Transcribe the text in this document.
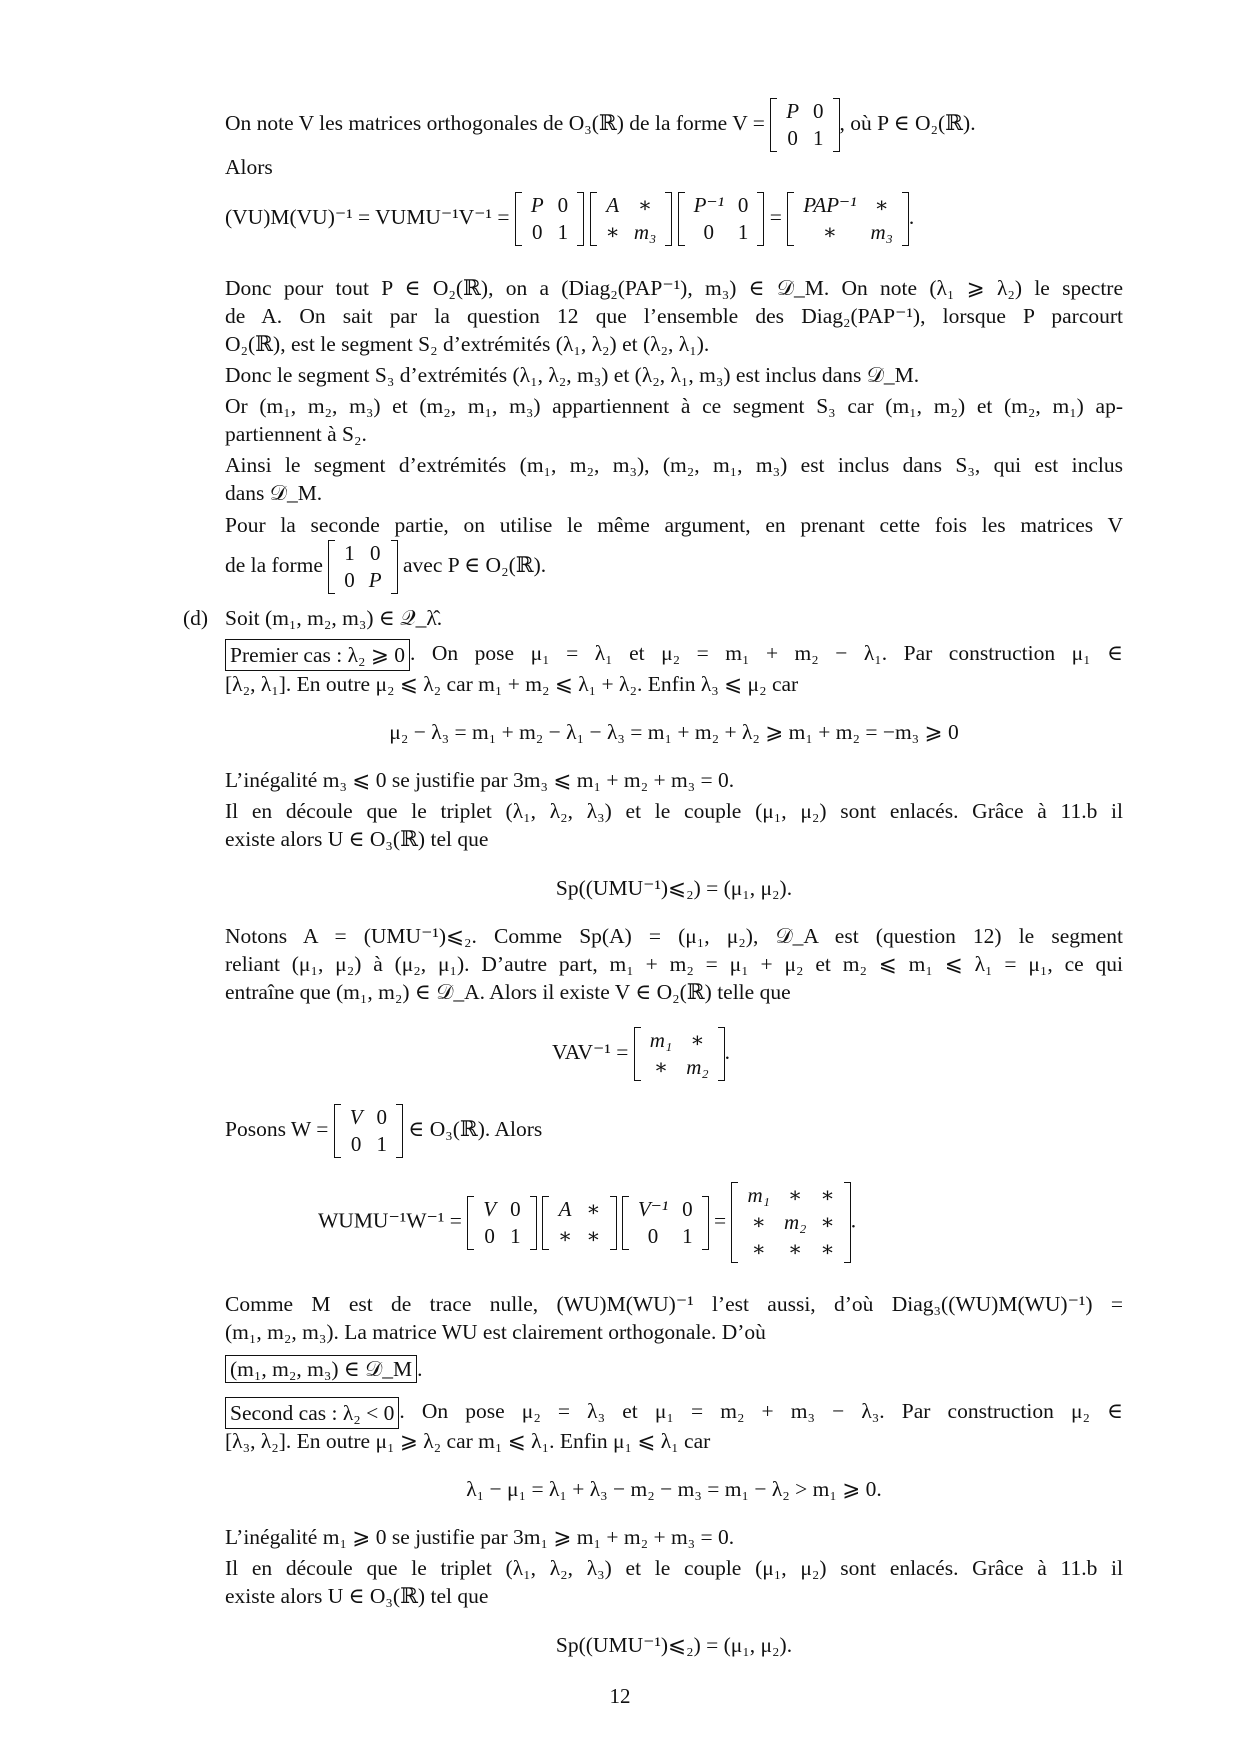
On note V les matrices orthogonales de O₃(ℝ) de la forme V = P	0
0	1
, où P ∈ O₂(ℝ).
Alors
(VU)M(VU)⁻¹ = VUMU⁻¹V⁻¹ = P	0
0	1

A	∗
∗	m₃

P⁻¹	0
0	1
= PAP⁻¹	∗
∗	m₃
.
Donc pour tout P ∈ O₂(ℝ), on a (Diag₂(PAP⁻¹), m₃) ∈ 𝒟_M. On note (λ₁ ⩾ λ₂) le spectre
de A. On sait par la question 12 que l’ensemble des Diag₂(PAP⁻¹), lorsque P parcourt
O₂(ℝ), est le segment S₂ d’extrémités (λ₁, λ₂) et (λ₂, λ₁).
Donc le segment S₃ d’extrémités (λ₁, λ₂, m₃) et (λ₂, λ₁, m₃) est inclus dans 𝒟_M.
Or (m₁, m₂, m₃) et (m₂, m₁, m₃) appartiennent à ce segment S₃ car (m₁, m₂) et (m₂, m₁) ap-
partiennent à S₂.
Ainsi le segment d’extrémités (m₁, m₂, m₃), (m₂, m₁, m₃) est inclus dans S₃, qui est inclus
dans 𝒟_M.
Pour la seconde partie, on utilise le même argument, en prenant cette fois les matrices V
de la forme 1	0
0	P
avec P ∈ O₂(ℝ).
(d) Soit (m₁, m₂, m₃) ∈ 𝒬_λ̂.
Premier cas : λ₂ ⩾ 0 . On pose μ₁ = λ₁ et μ₂ = m₁ + m₂ − λ₁. Par construction μ₁ ∈
[λ₂, λ₁]. En outre μ₂ ⩽ λ₂ car m₁ + m₂ ⩽ λ₁ + λ₂. Enfin λ₃ ⩽ μ₂ car
μ₂ − λ₃ = m₁ + m₂ − λ₁ − λ₃ = m₁ + m₂ + λ₂ ⩾ m₁ + m₂ = −m₃ ⩾ 0
L’inégalité m₃ ⩽ 0 se justifie par 3m₃ ⩽ m₁ + m₂ + m₃ = 0.
Il en découle que le triplet (λ₁, λ₂, λ₃) et le couple (μ₁, μ₂) sont enlacés. Grâce à 11.b il
existe alors U ∈ O₃(ℝ) tel que
Sp((UMU⁻¹)⩽₂) = (μ₁, μ₂).
Notons A = (UMU⁻¹)⩽₂. Comme Sp(A) = (μ₁, μ₂), 𝒟_A est (question 12) le segment
reliant (μ₁, μ₂) à (μ₂, μ₁). D’autre part, m₁ + m₂ = μ₁ + μ₂ et m₂ ⩽ m₁ ⩽ λ₁ = μ₁, ce qui
entraîne que (m₁, m₂) ∈ 𝒟_A. Alors il existe V ∈ O₂(ℝ) telle que
VAV⁻¹ = m₁	∗
∗	m₂
.
Posons W = V	0
0	1
∈ O₃(ℝ). Alors
WUMU⁻¹W⁻¹ = V	0
0	1

A	∗
∗	∗

V⁻¹	0
0	1
=
m₁	∗	∗
∗	m₂	∗
∗	∗	∗
.
Comme M est de trace nulle, (WU)M(WU)⁻¹ l’est aussi, d’où Diag₃((WU)M(WU)⁻¹) =
(m₁, m₂, m₃). La matrice WU est clairement orthogonale. D’où
(m₁, m₂, m₃) ∈ 𝒟_M .
Second cas : λ₂ < 0 . On pose μ₂ = λ₃ et μ₁ = m₂ + m₃ − λ₃. Par construction μ₂ ∈
[λ₃, λ₂]. En outre μ₁ ⩾ λ₂ car m₁ ⩽ λ₁. Enfin μ₁ ⩽ λ₁ car
λ₁ − μ₁ = λ₁ + λ₃ − m₂ − m₃ = m₁ − λ₂ > m₁ ⩾ 0.
L’inégalité m₁ ⩾ 0 se justifie par 3m₁ ⩾ m₁ + m₂ + m₃ = 0.
Il en découle que le triplet (λ₁, λ₂, λ₃) et le couple (μ₁, μ₂) sont enlacés. Grâce à 11.b il
existe alors U ∈ O₃(ℝ) tel que
Sp((UMU⁻¹)⩽₂) = (μ₁, μ₂).
12
